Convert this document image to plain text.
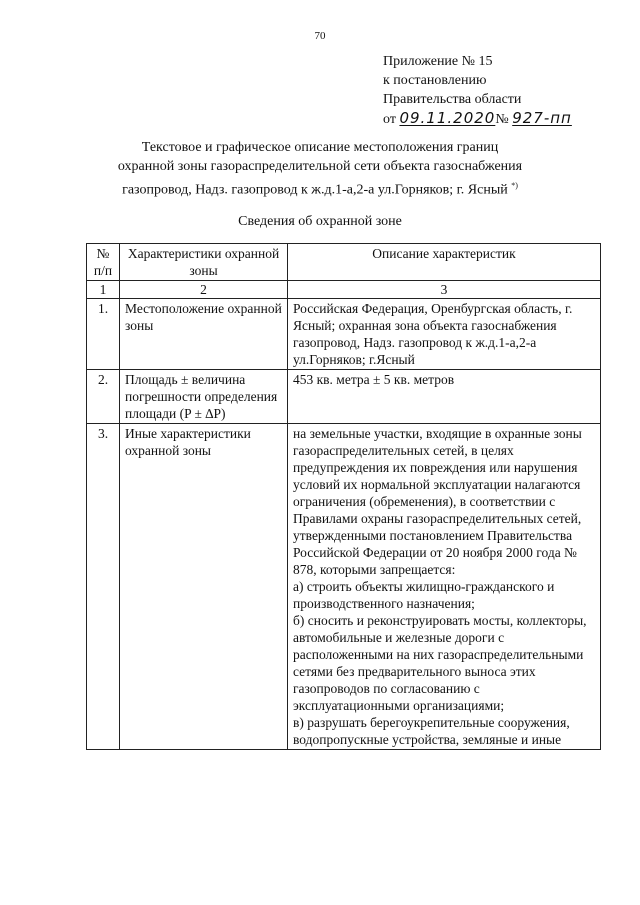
70
Приложение № 15
к постановлению
Правительства области
от 09.11.2020№ 927-пп
Текстовое и графическое описание местоположения границ
охранной зоны газораспределительной сети объекта газоснабжения
газопровод, Надз. газопровод к ж.д.1-а,2-а ул.Горняков; г. Ясный *)
Сведения об охранной зоне
№ п/п	Характеристики охранной зоны	Описание характеристик
1	2	3
1.	Местоположение охранной зоны	Российская Федерация, Оренбургская область, г. Ясный; охранная зона объекта газоснабжения газопровод, Надз. газопровод к ж.д.1-а,2-а ул.Горняков; г.Ясный
2.	Площадь ± величина погрешности определения площади (P ± ∆P)	453 кв. метра ± 5 кв. метров
3.	Иные характеристики охранной зоны	на земельные участки, входящие в охранные зоны газораспределительных сетей, в целях предупреждения их повреждения или нарушения условий их нормальной эксплуатации налагаются ограничения (обременения), в соответствии с Правилами охраны газораспределительных сетей, утвержденными постановлением Правительства Российской Федерации от 20 ноября 2000 года № 878, которыми запрещается:
а) строить объекты жилищно-гражданского и производственного назначения;
б) сносить и реконструировать мосты, коллекторы, автомобильные и железные дороги с расположенными на них газораспределительными сетями без предварительного выноса этих газопроводов по согласованию с эксплуатационными организациями;
в) разрушать берегоукрепительные сооружения, водопропускные устройства, земляные и иные
